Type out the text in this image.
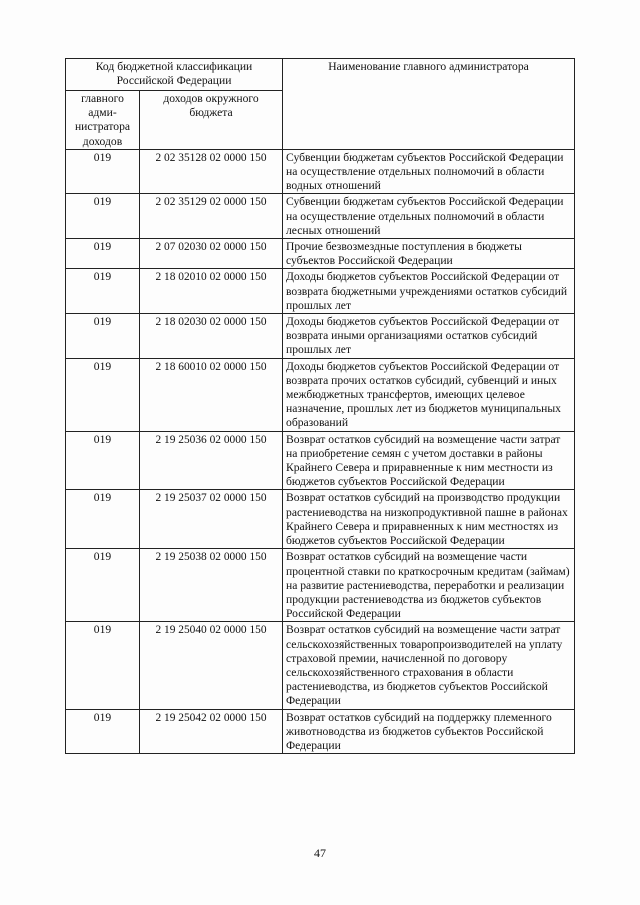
Код бюджетной классификации Российской Федерации		Наименование главного администратора
главного адми-нистратора доходов	доходов окружного бюджета	
019	2 02 35128 02 0000 150	Субвенции бюджетам субъектов Российской Федерации на осуществление отдельных полномочий в области водных отношений
019	2 02 35129 02 0000 150	Субвенции бюджетам субъектов Российской Федерации на осуществление отдельных полномочий в области лесных отношений
019	2 07 02030 02 0000 150	Прочие безвозмездные поступления в бюджеты субъектов Российской Федерации
019	2 18 02010 02 0000 150	Доходы бюджетов субъектов Российской Федерации от возврата бюджетными учреждениями остатков субсидий прошлых лет
019	2 18 02030 02 0000 150	Доходы бюджетов субъектов Российской Федерации от возврата иными организациями остатков субсидий прошлых лет
019	2 18 60010 02 0000 150	Доходы бюджетов субъектов Российской Федерации от возврата прочих остатков субсидий, субвенций и иных межбюджетных трансфертов, имеющих целевое назначение, прошлых лет из бюджетов муниципальных образований
019	2 19 25036 02 0000 150	Возврат остатков субсидий на возмещение части затрат на приобретение семян с учетом доставки в районы Крайнего Севера и приравненные к ним местности из бюджетов субъектов Российской Федерации
019	2 19 25037 02 0000 150	Возврат остатков субсидий на производство продукции растениеводства на низкопродуктивной пашне в районах Крайнего Севера и приравненных к ним местностях из бюджетов субъектов Российской Федерации
019	2 19 25038 02 0000 150	Возврат остатков субсидий на возмещение части процентной ставки по краткосрочным кредитам (займам) на развитие растениеводства, переработки и реализации продукции растениеводства из бюджетов субъектов Российской Федерации
019	2 19 25040 02 0000 150	Возврат остатков субсидий на возмещение части затрат сельскохозяйственных товаропроизводителей на уплату страховой премии, начисленной по договору сельскохозяйственного страхования в области растениеводства, из бюджетов субъектов Российской Федерации
019	2 19 25042 02 0000 150	Возврат остатков субсидий на поддержку племенного животноводства из бюджетов субъектов Российской Федерации
47
